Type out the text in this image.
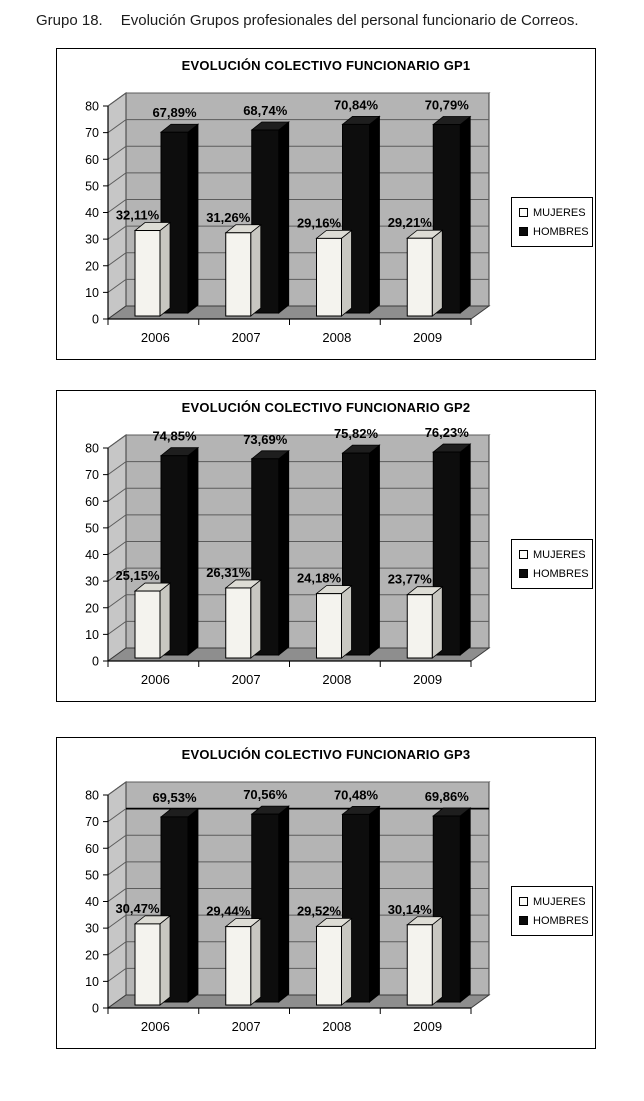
Grupo 18. Evolución Grupos profesionales del personal funcionario de Correos.
0
10
20
30
40
50
60
70
80
2006	2007	2008	2009
67,89%
32,11%
68,74%
31,26%
70,84%
29,16%
70,79%
29,21%
EVOLUCIÓN COLECTIVO FUNCIONARIO GP1
MUJERES
HOMBRES
0
10
20
30
40
50
60
70
80
2006	2007	2008	2009
74,85%
25,15%
73,69%
26,31%
75,82%
24,18%
76,23%
23,77%
EVOLUCIÓN COLECTIVO FUNCIONARIO GP2
MUJERES
HOMBRES
0
10
20
30
40
50
60
70
80
2006	2007	2008	2009
69,53%
30,47%
70,56%
29,44%
70,48%
29,52%
69,86%
30,14%
EVOLUCIÓN COLECTIVO FUNCIONARIO GP3
MUJERES
HOMBRES
